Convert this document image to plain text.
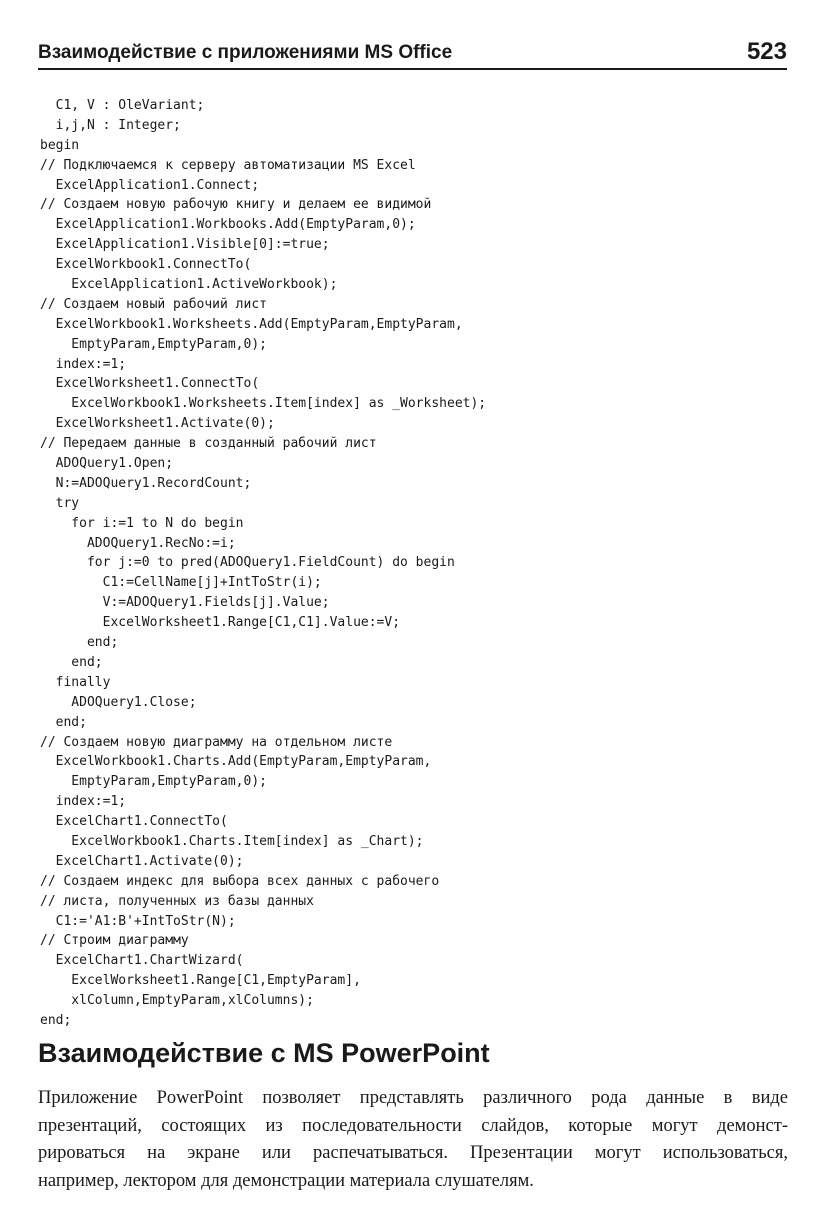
Взаимодействие с приложениями MS Office	523
C1, V : OleVariant;
i,j,N : Integer;
begin
// Подключаемся к серверу автоматизации MS Excel
ExcelApplication1.Connect;
// Создаем новую рабочую книгу и делаем ее видимой
ExcelApplication1.Workbooks.Add(EmptyParam,0);
ExcelApplication1.Visible[0]:=true;
ExcelWorkbook1.ConnectTo(
ExcelApplication1.ActiveWorkbook);
// Создаем новый рабочий лист
ExcelWorkbook1.Worksheets.Add(EmptyParam,EmptyParam,
EmptyParam,EmptyParam,0);
index:=1;
ExcelWorksheet1.ConnectTo(
ExcelWorkbook1.Worksheets.Item[index] as _Worksheet);
ExcelWorksheet1.Activate(0);
// Передаем данные в созданный рабочий лист
ADOQuery1.Open;
N:=ADOQuery1.RecordCount;
try
for i:=1 to N do begin
ADOQuery1.RecNo:=i;
for j:=0 to pred(ADOQuery1.FieldCount) do begin
C1:=CellName[j]+IntToStr(i);
V:=ADOQuery1.Fields[j].Value;
ExcelWorksheet1.Range[C1,C1].Value:=V;
end;
end;
finally
ADOQuery1.Close;
end;
// Создаем новую диаграмму на отдельном листе
ExcelWorkbook1.Charts.Add(EmptyParam,EmptyParam,
EmptyParam,EmptyParam,0);
index:=1;
ExcelChart1.ConnectTo(
ExcelWorkbook1.Charts.Item[index] as _Chart);
ExcelChart1.Activate(0);
// Создаем индекс для выбора всех данных с рабочего
// листа, полученных из базы данных
C1:='A1:B'+IntToStr(N);
// Строим диаграмму
ExcelChart1.ChartWizard(
ExcelWorksheet1.Range[C1,EmptyParam],
xlColumn,EmptyParam,xlColumns);
end;
Взаимодействие с MS PowerPoint
Приложение PowerPoint позволяет представлять различного рода данные в виде
презентаций, состоящих из последовательности слайдов, которые могут демонст-
рироваться на экране или распечатываться. Презентации могут использоваться,
например, лектором для демонстрации материала слушателям.
